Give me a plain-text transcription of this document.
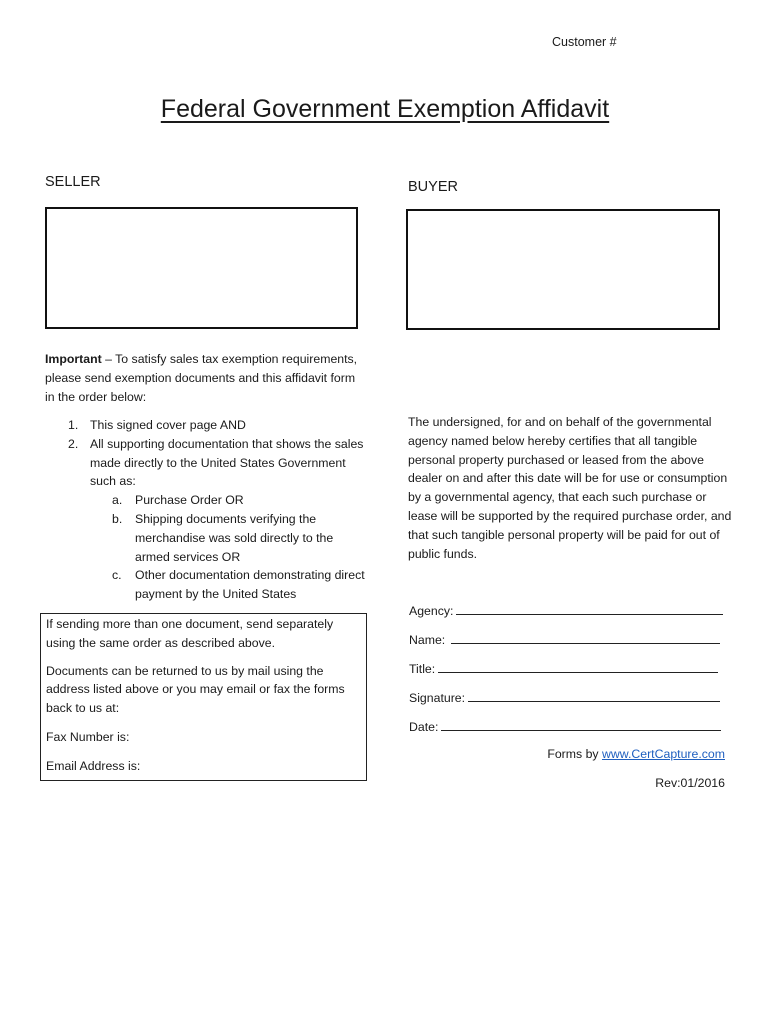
Customer #
Federal Government Exemption Affidavit
SELLER	BUYER
Important – To satisfy sales tax exemption requirements, please send exemption documents and this affidavit form in the order below:
1. This signed cover page AND
2. All supporting documentation that shows the sales made directly to the United States Government such as:
a. Purchase Order OR
b. Shipping documents verifying the merchandise was sold directly to the armed services OR
c. Other documentation demonstrating direct payment by the United States

If sending more than one document, send separately using the same order as described above.

Documents can be returned to us by mail using the address listed above or you may email or fax the forms back to us at:

Fax Number is:

Email Address is:

The undersigned, for and on behalf of the governmental agency named below hereby certifies that all tangible personal property purchased or leased from the above dealer on and after this date will be for use or consumption by a governmental agency, that each such purchase or lease will be supported by the required purchase order, and that such tangible personal property will be paid for out of public funds.
Agency:
Name:
Title:
Signature:
Date:
Forms by www.CertCapture.com
Rev:01/2016
